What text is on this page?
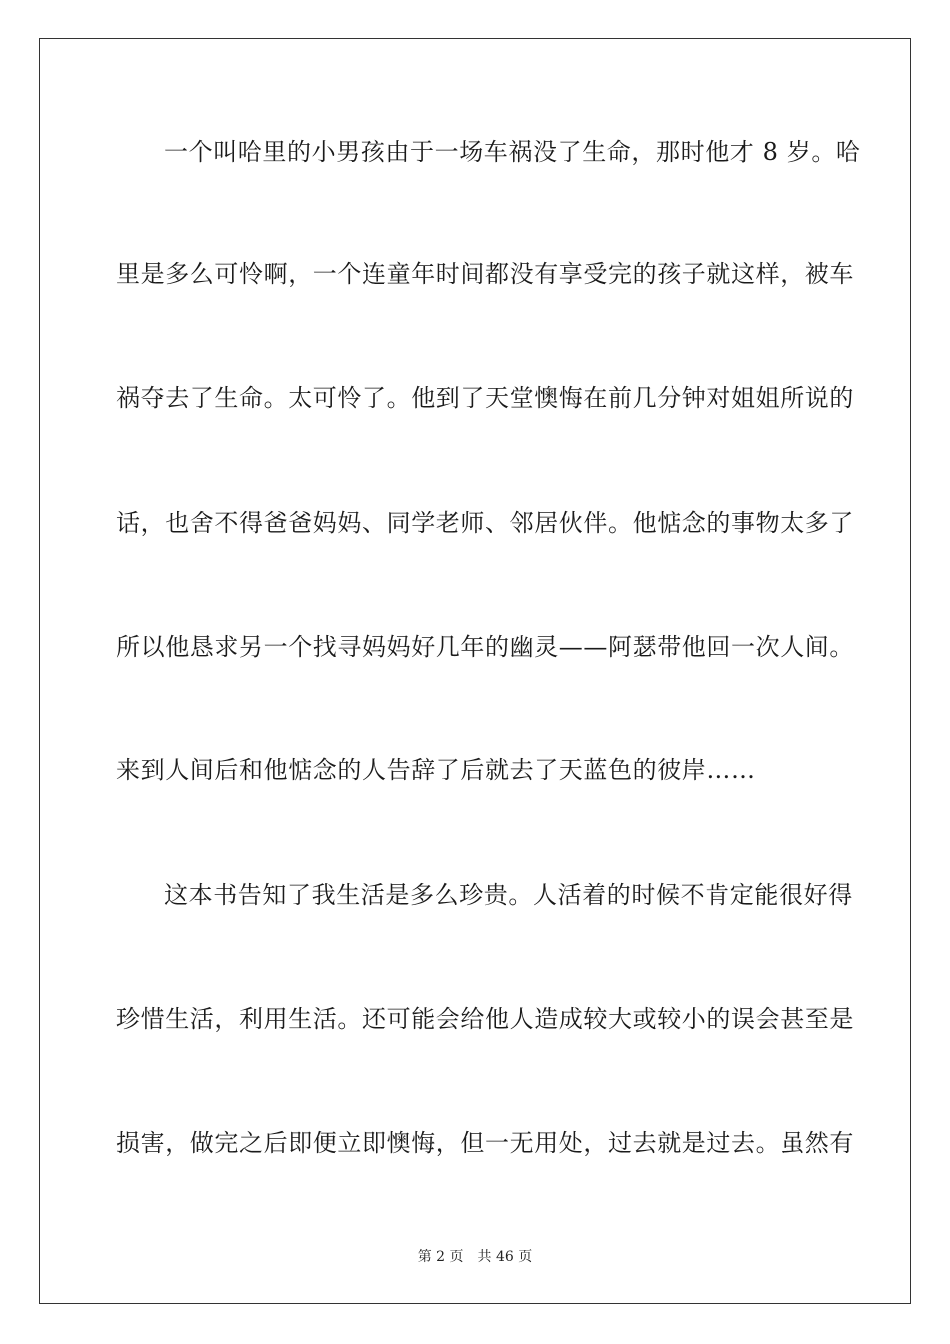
一个叫哈里的小男孩由于一场车祸没了生命，那时他才 8 岁。哈
里是多么可怜啊，一个连童年时间都没有享受完的孩子就这样，被车
祸夺去了生命。太可怜了。他到了天堂懊悔在前几分钟对姐姐所说的
话，也舍不得爸爸妈妈、同学老师、邻居伙伴。他惦念的事物太多了
所以他恳求另一个找寻妈妈好几年的幽灵——阿瑟带他回一次人间。
来到人间后和他惦念的人告辞了后就去了天蓝色的彼岸……
这本书告知了我生活是多么珍贵。人活着的时候不肯定能很好得
珍惜生活，利用生活。还可能会给他人造成较大或较小的误会甚至是
损害，做完之后即便立即懊悔，但一无用处，过去就是过去。虽然有
第 2 页 共 46 页
